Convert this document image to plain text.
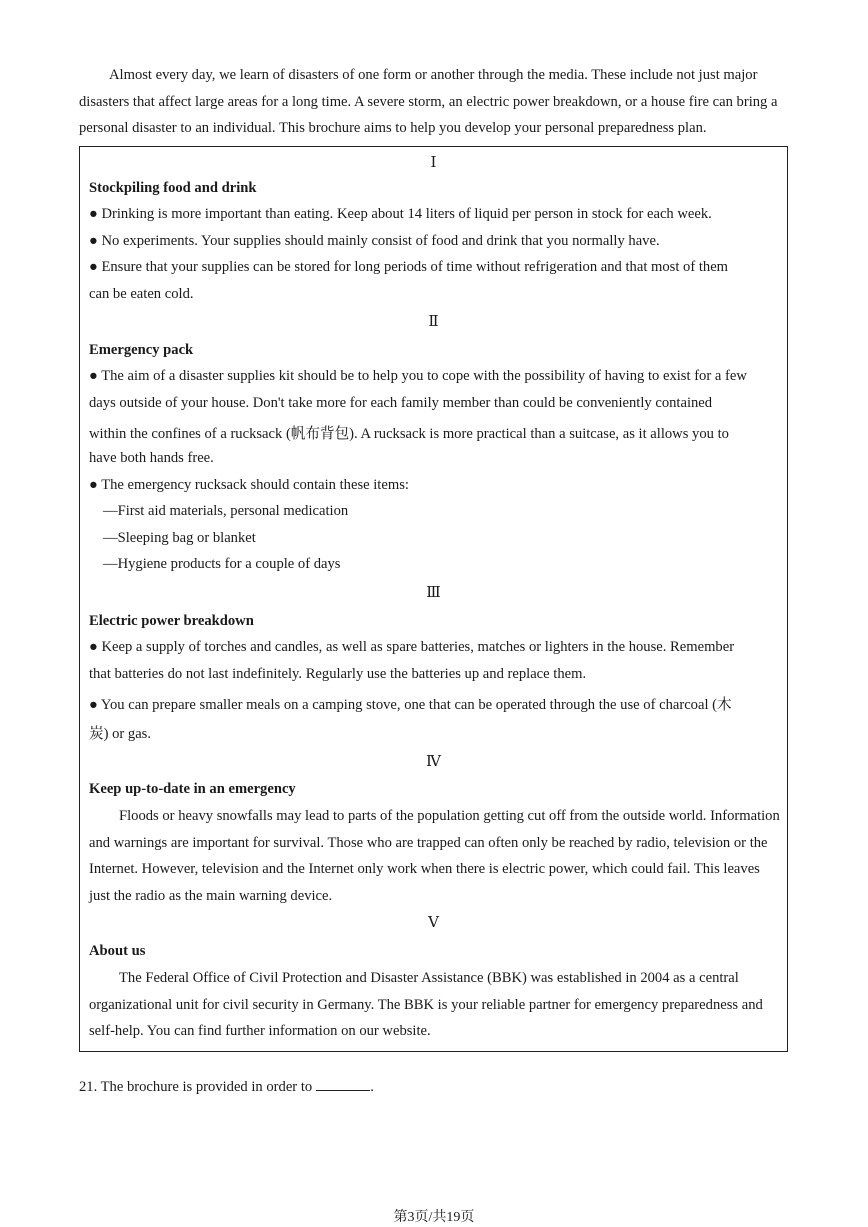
Almost every day, we learn of disasters of one form or another through the media. These include not just major disasters that affect large areas for a long time. A severe storm, an electric power breakdown, or a house fire can bring a personal disaster to an individual. This brochure aims to help you develop your personal preparedness plan.

Ⅰ
Stockpiling food and drink
● Drinking is more important than eating. Keep about 14 liters of liquid per person in stock for each week.
● No experiments. Your supplies should mainly consist of food and drink that you normally have.
● Ensure that your supplies can be stored for long periods of time without refrigeration and that most of them
can be eaten cold.
Ⅱ
Emergency pack
● The aim of a disaster supplies kit should be to help you to cope with the possibility of having to exist for a few
days outside of your house. Don't take more for each family member than could be conveniently contained
within the confines of a rucksack (帆布背包). A rucksack is more practical than a suitcase, as it allows you to
have both hands free.
● The emergency rucksack should contain these items:
—First aid materials, personal medication
—Sleeping bag or blanket
—Hygiene products for a couple of days
Ⅲ
Electric power breakdown
● Keep a supply of torches and candles, as well as spare batteries, matches or lighters in the house. Remember
that batteries do not last indefinitely. Regularly use the batteries up and replace them.
● You can prepare smaller meals on a camping stove, one that can be operated through the use of charcoal (木
炭) or gas.
Ⅳ
Keep up-to-date in an emergency

Floods or heavy snowfalls may lead to parts of the population getting cut off from the outside world. Information and warnings are important for survival. Those who are trapped can often only be reached by radio, television or the Internet. However, television and the Internet only work when there is electric power, which could fail. This leaves just the radio as the main warning device.

Ⅴ
About us

The Federal Office of Civil Protection and Disaster Assistance (BBK) was established in 2004 as a central organizational unit for civil security in Germany. The BBK is your reliable partner for emergency preparedness and self-help. You can find further information on our website.

21. The brochure is provided in order to	.
第3页/共19页
